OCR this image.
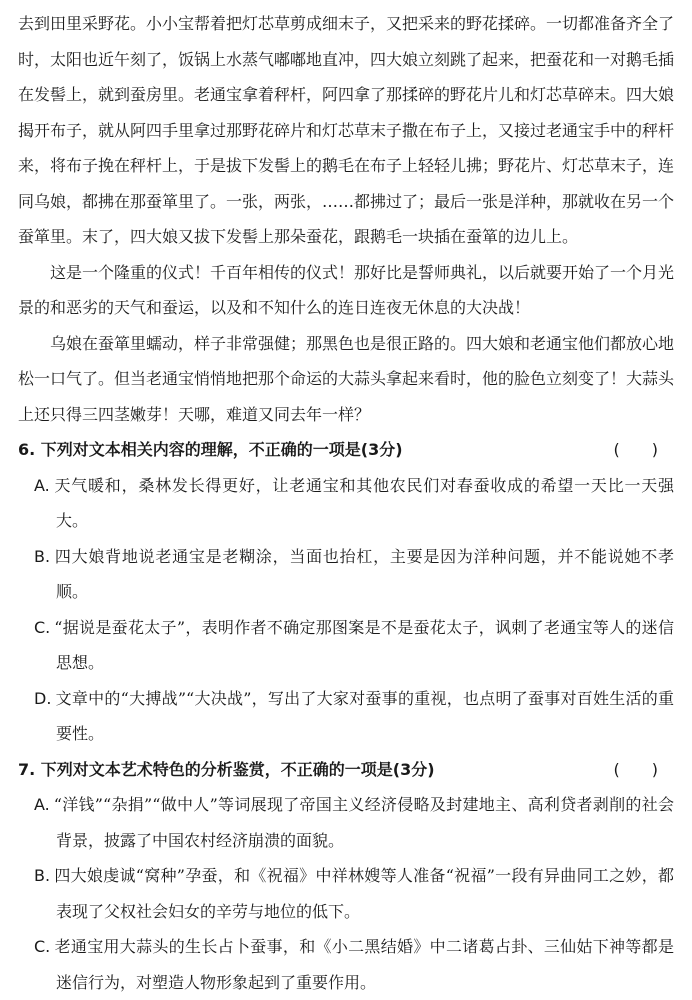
去到田里采野花。小小宝帮着把灯芯草剪成细末子，又把采来的野花揉碎。一切都准备齐全了时，太阳也近午刻了，饭锅上水蒸气嘟嘟地直冲，四大娘立刻跳了起来，把蚕花和一对鹅毛插在发髻上，就到蚕房里。老通宝拿着秤杆，阿四拿了那揉碎的野花片儿和灯芯草碎末。四大娘揭开布子，就从阿四手里拿过那野花碎片和灯芯草末子撒在布子上，又接过老通宝手中的秤杆来，将布子挽在秤杆上，于是拔下发髻上的鹅毛在布子上轻轻儿拂；野花片、灯芯草末子，连同乌娘，都拂在那蚕箪里了。一张，两张，……都拂过了；最后一张是洋种，那就收在另一个蚕箪里。末了，四大娘又拔下发髻上那朵蚕花，跟鹅毛一块插在蚕箪的边儿上。

这是一个隆重的仪式！千百年相传的仪式！那好比是誓师典礼，以后就要开始了一个月光景的和恶劣的天气和蚕运，以及和不知什么的连日连夜无休息的大决战！

乌娘在蚕箪里蠕动，样子非常强健；那黑色也是很正路的。四大娘和老通宝他们都放心地松一口气了。但当老通宝悄悄地把那个命运的大蒜头拿起来看时，他的脸色立刻变了！大蒜头上还只得三四茎嫩芽！天哪，难道又同去年一样？

6. 下列对文本相关内容的理解，不正确的一项是(3分)	(　　)

A. 天气暖和，桑林发长得更好，让老通宝和其他农民们对春蚕收成的希望一天比一天强大。

B. 四大娘背地说老通宝是老糊涂，当面也抬杠，主要是因为洋种问题，并不能说她不孝顺。

C. “据说是蚕花太子”，表明作者不确定那图案是不是蚕花太子，讽刺了老通宝等人的迷信思想。

D. 文章中的“大搏战”“大决战”，写出了大家对蚕事的重视，也点明了蚕事对百姓生活的重要性。

7. 下列对文本艺术特色的分析鉴赏，不正确的一项是(3分)	(　　)

A. “洋钱”“杂捐”“做中人”等词展现了帝国主义经济侵略及封建地主、高利贷者剥削的社会背景，披露了中国农村经济崩溃的面貌。

B. 四大娘虔诚“窝种”孕蚕，和《祝福》中祥林嫂等人准备“祝福”一段有异曲同工之妙，都表现了父权社会妇女的辛劳与地位的低下。

C. 老通宝用大蒜头的生长占卜蚕事，和《小二黑结婚》中二诸葛占卦、三仙姑下神等都是迷信行为，对塑造人物形象起到了重要作用。
